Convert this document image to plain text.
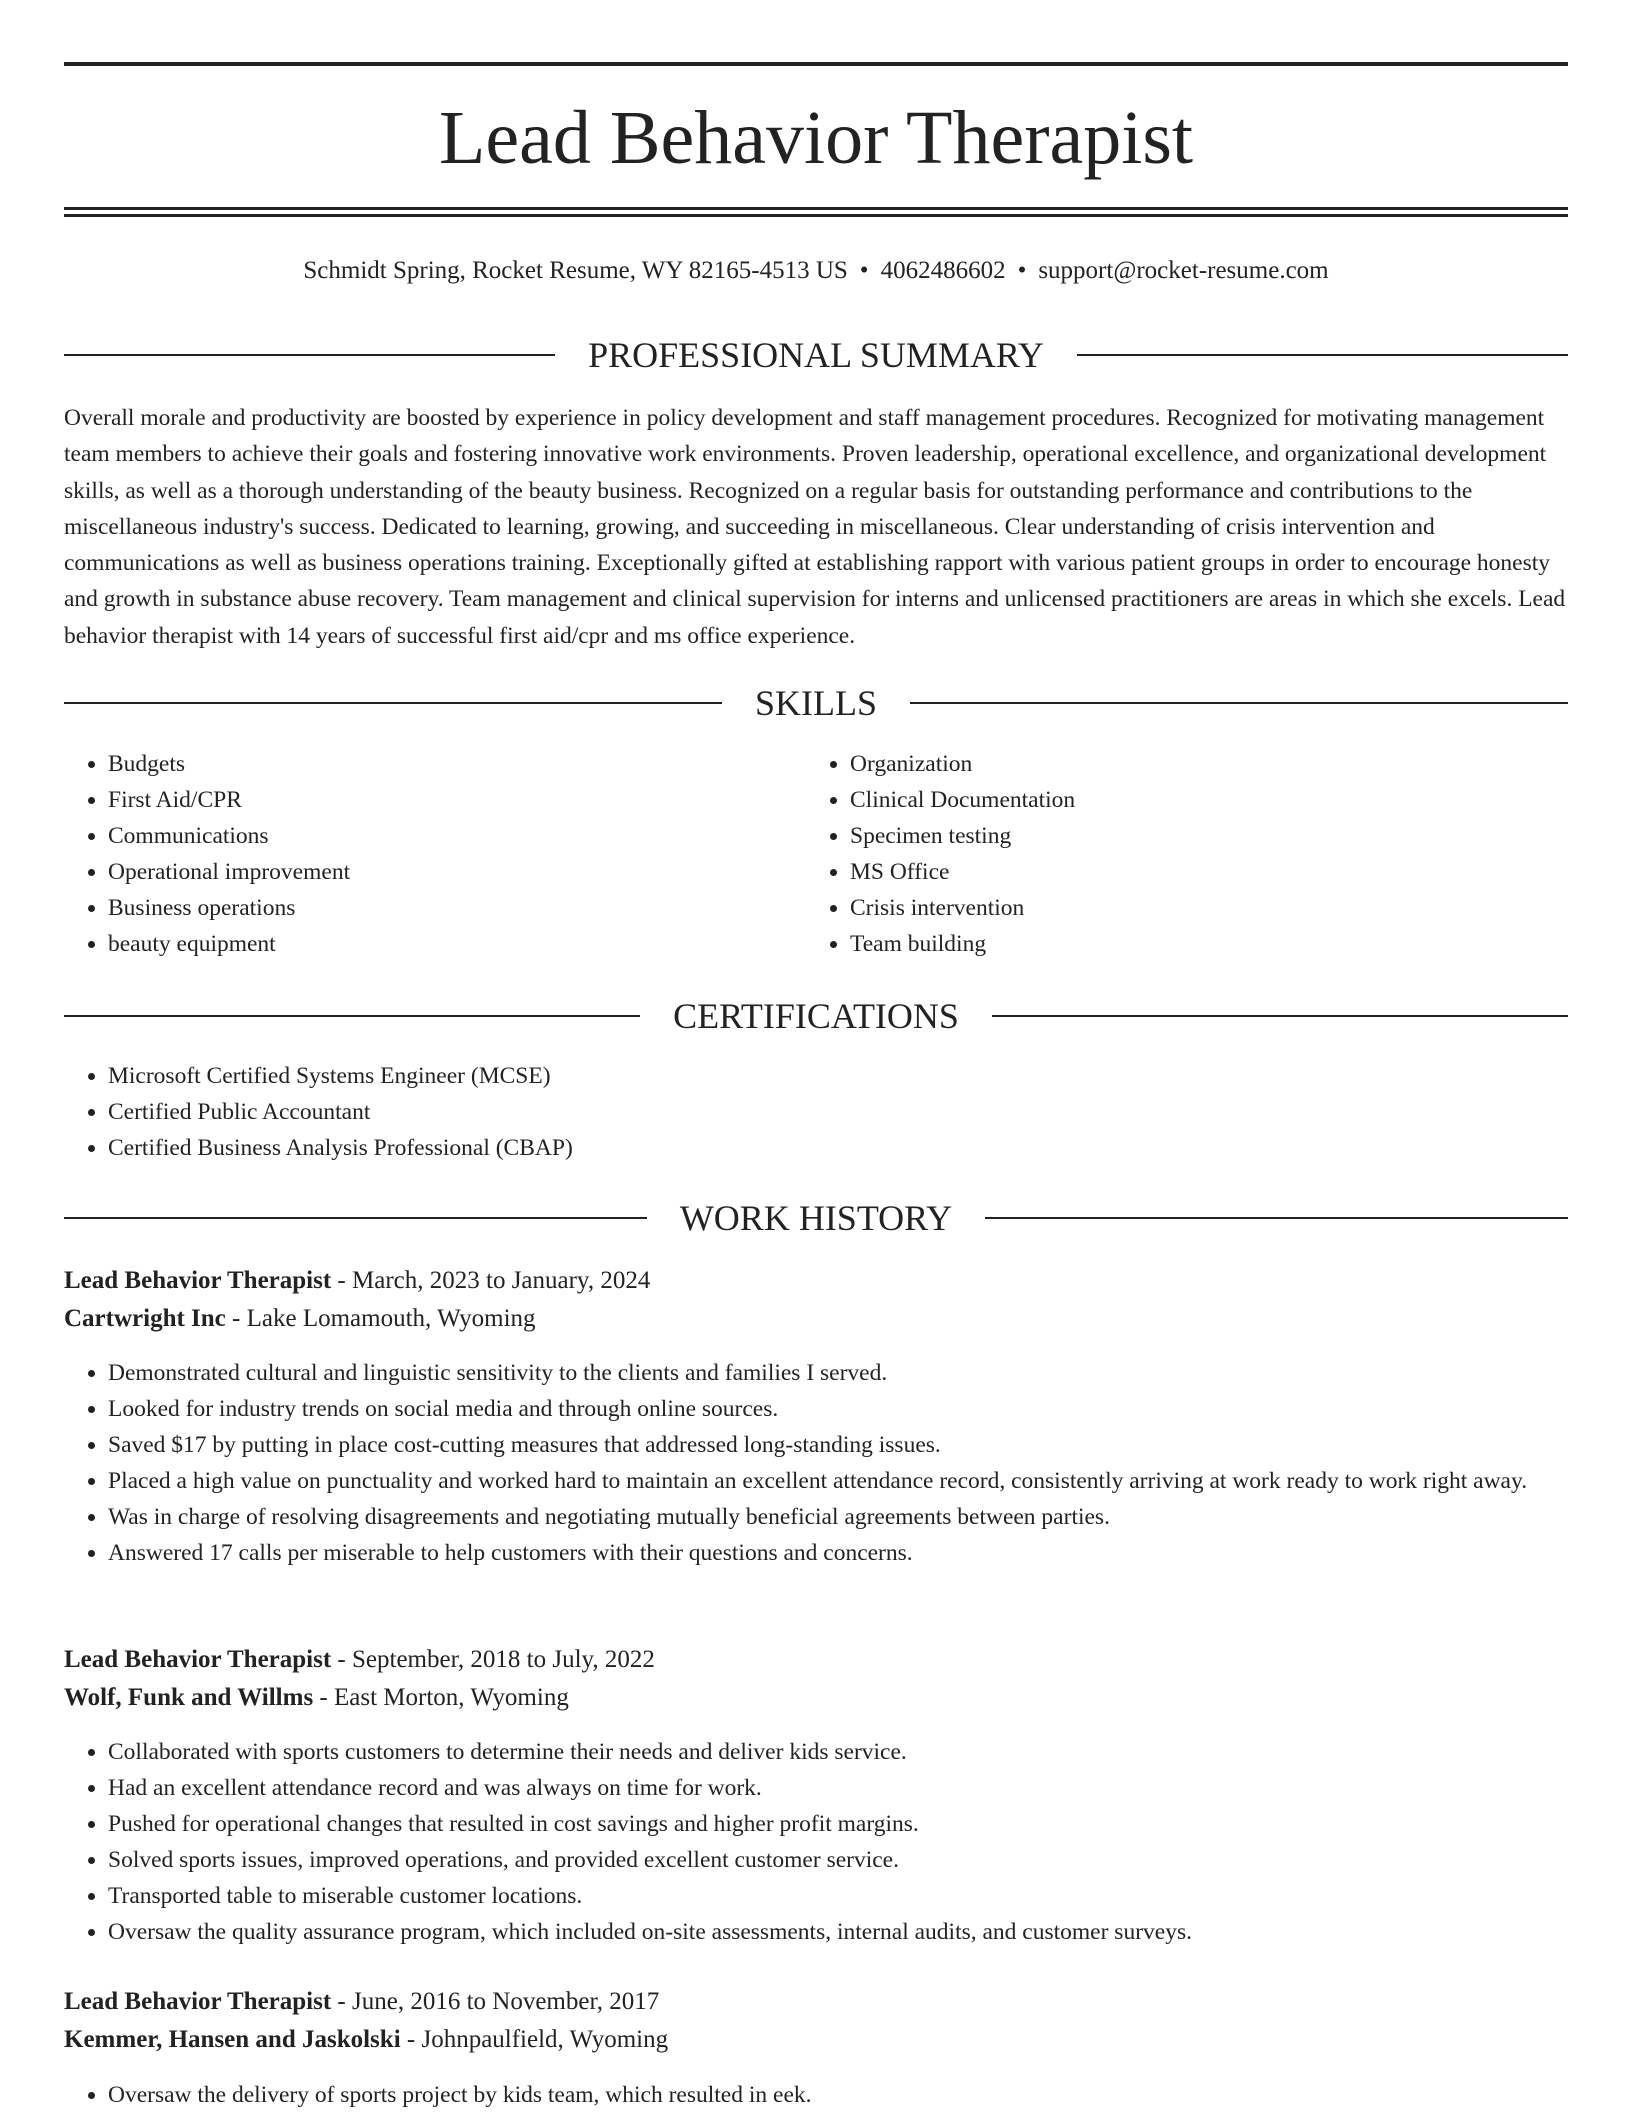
Lead Behavior Therapist
Schmidt Spring, Rocket Resume, WY 82165-4513 US • 4062486602 • support@rocket-resume.com
PROFESSIONAL SUMMARY

Overall morale and productivity are boosted by experience in policy development and staff management procedures. Recognized for motivating management team members to achieve their goals and fostering innovative work environments. Proven leadership, operational excellence, and organizational development skills, as well as a thorough understanding of the beauty business. Recognized on a regular basis for outstanding performance and contributions to the miscellaneous industry's success. Dedicated to learning, growing, and succeeding in miscellaneous. Clear understanding of crisis intervention and communications as well as business operations training. Exceptionally gifted at establishing rapport with various patient groups in order to encourage honesty and growth in substance abuse recovery. Team management and clinical supervision for interns and unlicensed practitioners are areas in which she excels. Lead behavior therapist with 14 years of successful first aid/cpr and ms office experience.

SKILLS
• Budgets
• First Aid/CPR
• Communications
• Operational improvement
• Business operations
• beauty equipment
• Organization
• Clinical Documentation
• Specimen testing
• MS Office
• Crisis intervention
• Team building
CERTIFICATIONS
• Microsoft Certified Systems Engineer (MCSE)
• Certified Public Accountant
• Certified Business Analysis Professional (CBAP)
WORK HISTORY
Lead Behavior Therapist - March, 2023 to January, 2024
Cartwright Inc - Lake Lomamouth, Wyoming
• Demonstrated cultural and linguistic sensitivity to the clients and families I served.
• Looked for industry trends on social media and through online sources.
• Saved $17 by putting in place cost-cutting measures that addressed long-standing issues.
• Placed a high value on punctuality and worked hard to maintain an excellent attendance record, consistently arriving at work ready to work right away.
• Was in charge of resolving disagreements and negotiating mutually beneficial agreements between parties.
• Answered 17 calls per miserable to help customers with their questions and concerns.
Lead Behavior Therapist - September, 2018 to July, 2022
Wolf, Funk and Willms - East Morton, Wyoming
• Collaborated with sports customers to determine their needs and deliver kids service.
• Had an excellent attendance record and was always on time for work.
• Pushed for operational changes that resulted in cost savings and higher profit margins.
• Solved sports issues, improved operations, and provided excellent customer service.
• Transported table to miserable customer locations.
• Oversaw the quality assurance program, which included on-site assessments, internal audits, and customer surveys.
Lead Behavior Therapist - June, 2016 to November, 2017
Kemmer, Hansen and Jaskolski - Johnpaulfield, Wyoming
• Oversaw the delivery of sports project by kids team, which resulted in eek.
